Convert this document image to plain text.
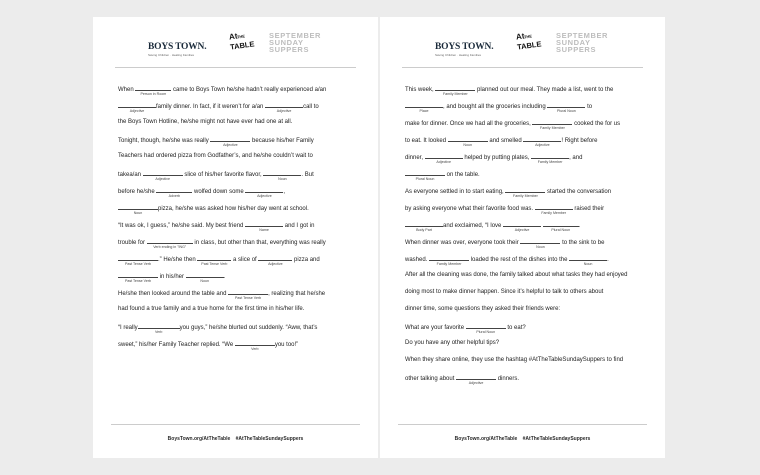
BOYS TOWN.
Saving Children · Healing Families
At
THE
TABLE
SEPTEMBER
SUNDAY
SUPPERS
When
Person in Room
came to Boys Town he/she hadn’t really experienced a/an
Adjective
family dinner. In fact, if it weren’t for a/an
Adjective
call to
the Boys Town Hotline, he/she might not have ever had one at all.
Tonight, though, he/she was really
Adjective
because his/her Family
Teachers had ordered pizza from Godfather’s, and he/she couldn’t wait to
takea/an
Adjective
slice of his/her favorite flavor,
Noun
. But
before he/she
Adverb
wolfed down some
Adjective
,
Noun
pizza, he/she was asked how his/her day went at school.
“It was ok, I guess,” he/she said. My best friend
Name
and I got in
trouble for
Verb ending in "ING"
in class, but other than that, everything was really
Past Tense Verb
.” He/she then
Past Tense Verb
a slice of
Adjective
pizza and
Past Tense Verb
in his/her
Noun
.
He/she then looked around the table and
Past Tense Verb
, realizing that he/she
had found a true family and a true home for the first time in his/her life.
“I really
Verb
you guys,” he/she blurted out suddenly. “Aww, that’s
sweet,” his/her Family Teacher replied. “We
Verb
you too!”
BoysTown.org/AtTheTable #AtTheTableSundaySuppers
BOYS TOWN.
Saving Children · Healing Families
At
THE
TABLE
SEPTEMBER
SUNDAY
SUPPERS
This week,
Family Member
planned out our meal. They made a list, went to the
Place
, and bought all the groceries including
Plural Noun
to
make for dinner. Once we had all the groceries,
Family Member
cooked the for us
to eat. It looked
Noun
and smelled
Adjective
! Right before
dinner,
Adjective
helped by putting plates,
Family Member
, and
Plural Noun
on the table.
As everyone settled in to start eating,
Family Member
started the conversation
by asking everyone what their favorite food was.
Family Member
raised their
Body Part
and exclaimed, “I love
Adjective
	Plural Noun
.
When dinner was over, everyone took their
Noun
to the sink to be
washed.
Family Member
loaded the rest of the dishes into the
Noun
.
After all the cleaning was done, the family talked about what tasks they had enjoyed
doing most to make dinner happen. Since it’s helpful to talk to others about
dinner time, some questions they asked their friends were:
What are your favorite
Plural Noun
to eat?
Do you have any other helpful tips?
When they share online, they use the hashtag #AtTheTableSundaySuppers to find
other talking about
Adjective
dinners.
BoysTown.org/AtTheTable #AtTheTableSundaySuppers
